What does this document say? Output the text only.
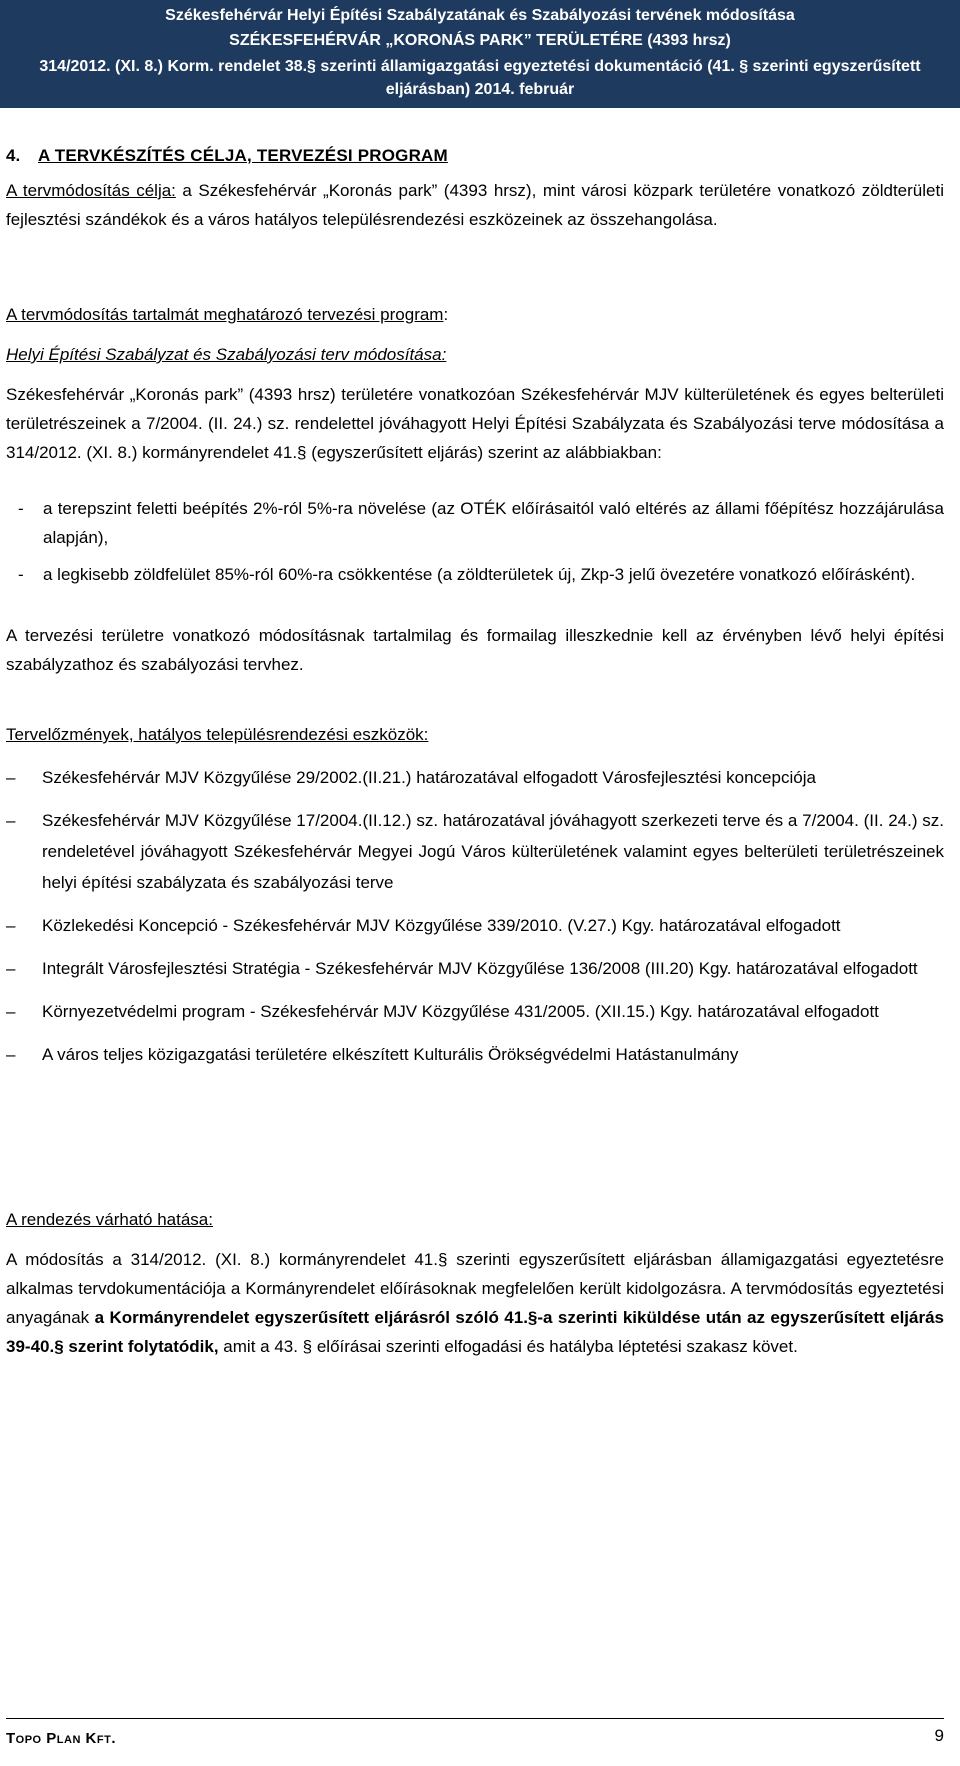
Székesfehérvár Helyi Építési Szabályzatának és Szabályozási tervének módosítása
SZÉKESFEHÉRVÁR „KORONÁS PARK” TERÜLETÉRE (4393 hrsz)
314/2012. (XI. 8.) Korm. rendelet 38.§ szerinti államigazgatási egyeztetési dokumentáció (41. § szerinti egyszerűsített
eljárásban) 2014. február
4. A TERVKÉSZÍTÉS CÉLJA, TERVEZÉSI PROGRAM

A tervmódosítás célja: a Székesfehérvár „Koronás park” (4393 hrsz), mint városi közpark területére vonatkozó zöldterületi fejlesztési szándékok és a város hatályos településrendezési eszközeinek az összehangolása.

A tervmódosítás tartalmát meghatározó tervezési program:

Helyi Építési Szabályzat és Szabályozási terv módosítása:

Székesfehérvár „Koronás park” (4393 hrsz) területére vonatkozóan Székesfehérvár MJV külterületének és egyes belterületi területrészeinek a 7/2004. (II. 24.) sz. rendelettel jóváhagyott Helyi Építési Szabályzata és Szabályozási terve módosítása a 314/2012. (XI. 8.) kormányrendelet 41.§ (egyszerűsített eljárás) szerint az alábbiakban:

- a terepszint feletti beépítés 2%-ról 5%-ra növelése (az OTÉK előírásaitól való eltérés az állami főépítész hozzájárulása alapján),
- a legkisebb zöldfelület 85%-ról 60%-ra csökkentése (a zöldterületek új, Zkp-3 jelű övezetére vonatkozó előírásként).

A tervezési területre vonatkozó módosításnak tartalmilag és formailag illeszkednie kell az érvényben lévő helyi építési szabályzathoz és szabályozási tervhez.

Tervelőzmények, hatályos településrendezési eszközök:

– Székesfehérvár MJV Közgyűlése 29/2002.(II.21.) határozatával elfogadott Városfejlesztési koncepciója
– Székesfehérvár MJV Közgyűlése 17/2004.(II.12.) sz. határozatával jóváhagyott szerkezeti terve és a 7/2004. (II. 24.) sz. rendeletével jóváhagyott Székesfehérvár Megyei Jogú Város külterületének valamint egyes belterületi területrészeinek helyi építési szabályzata és szabályozási terve
– Közlekedési Koncepció - Székesfehérvár MJV Közgyűlése 339/2010. (V.27.) Kgy. határozatával elfogadott
– Integrált Városfejlesztési Stratégia - Székesfehérvár MJV Közgyűlése 136/2008 (III.20) Kgy. határozatával elfogadott
– Környezetvédelmi program - Székesfehérvár MJV Közgyűlése 431/2005. (XII.15.) Kgy. határozatával elfogadott
– A város teljes közigazgatási területére elkészített Kulturális Örökségvédelmi Hatástanulmány

A rendezés várható hatása:

A módosítás a 314/2012. (XI. 8.) kormányrendelet 41.§ szerinti egyszerűsített eljárásban államigazgatási egyeztetésre alkalmas tervdokumentációja a Kormányrendelet előírásoknak megfelelően került kidolgozásra. A tervmódosítás egyeztetési anyagának a Kormányrendelet egyszerűsített eljárásról szóló 41.§-a szerinti kiküldése után az egyszerűsített eljárás 39-40.§ szerint folytatódik, amit a 43. § előírásai szerinti elfogadási és hatályba léptetési szakasz követ.

Topo Plan Kft.	9
